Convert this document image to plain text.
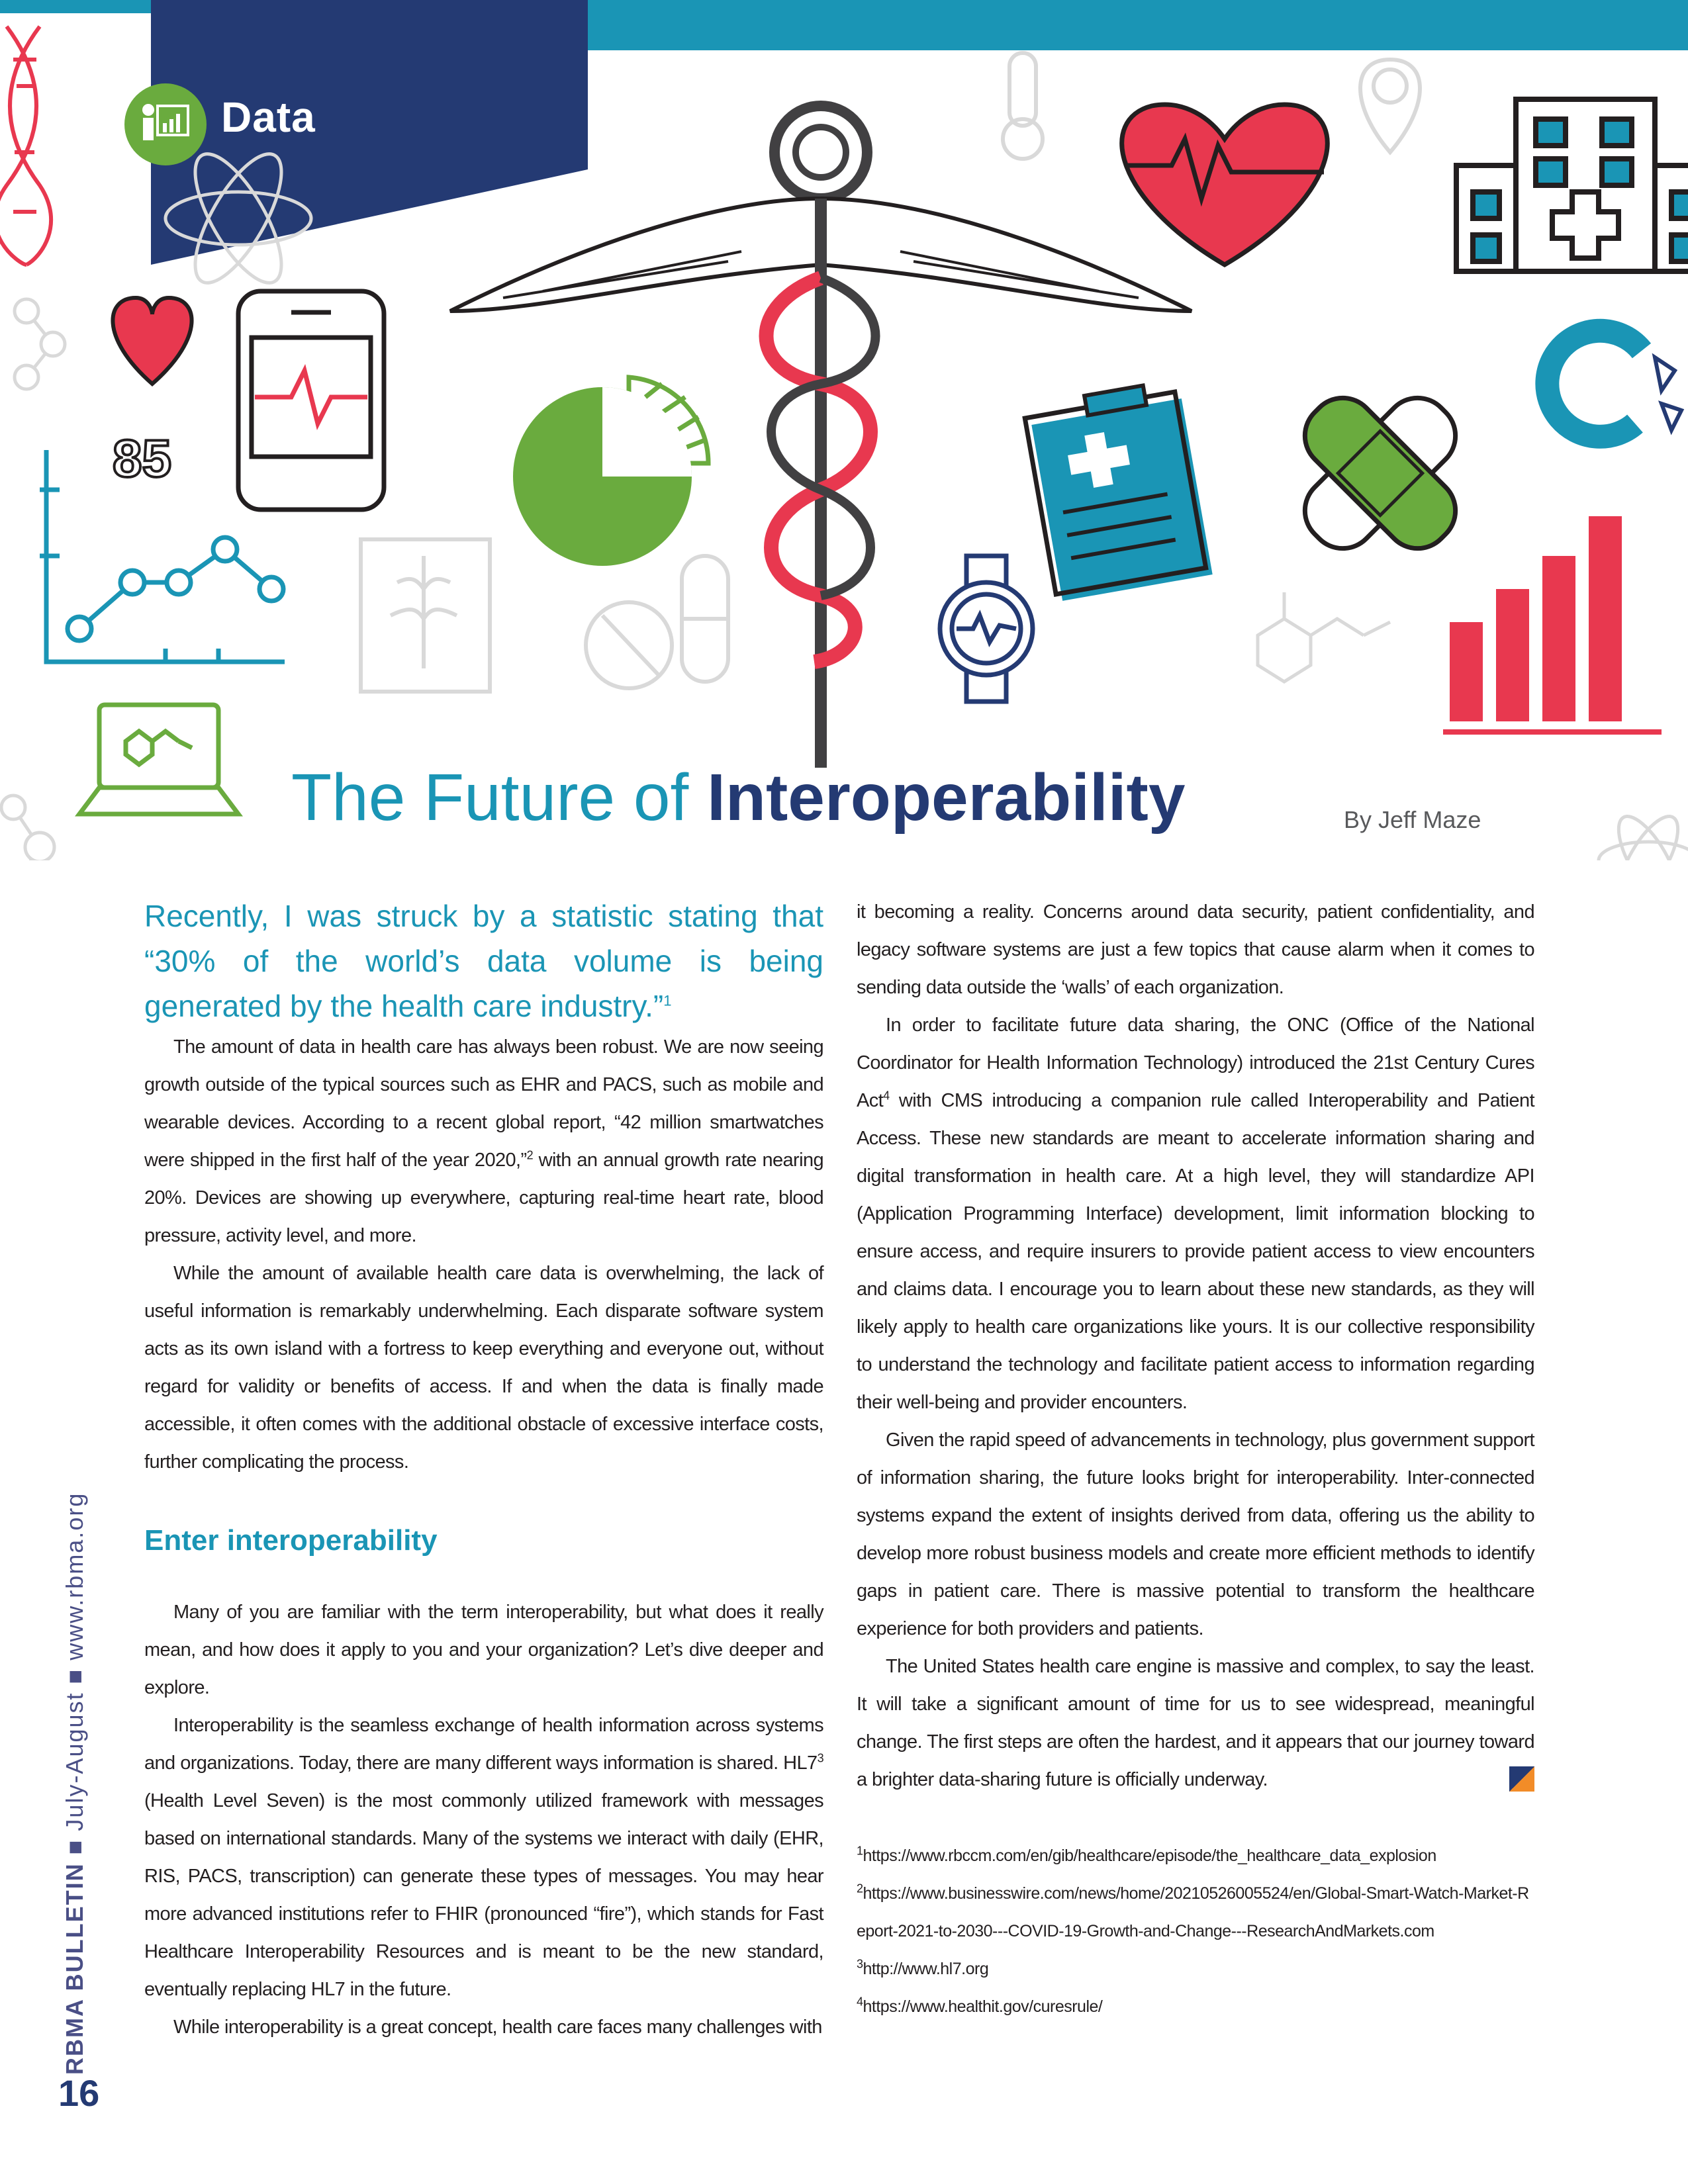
85
Data
The Future of Interoperability	By Jeff Maze

Recently, I was struck by a statistic stating that “30% of the world’s data volume is being generated by the health care industry.”$^1$

The amount of data in health care has always been robust. We are now seeing growth outside of the typical sources such as EHR and PACS, such as mobile and wearable devices. According to a recent global report, “42 million smartwatches were shipped in the first half of the year 2020,”$^2$ with an annual growth rate nearing 20%. Devices are showing up everywhere, capturing real-time heart rate, blood pressure, activity level, and more.

While the amount of available health care data is overwhelming, the lack of useful information is remarkably underwhelming. Each disparate software system acts as its own island with a fortress to keep everything and everyone out, without regard for validity or benefits of access. If and when the data is finally made accessible, it often comes with the additional obstacle of excessive interface costs, further complicating the process.

Enter interoperability

Many of you are familiar with the term interoperability, but what does it really mean, and how does it apply to you and your organization? Let’s dive deeper and explore.

Interoperability is the seamless exchange of health information across systems and organizations. Today, there are many different ways information is shared. $HL7^3$ (Health Level Seven) is the most commonly utilized framework with messages based on international standards. Many of the systems we interact with daily (EHR, RIS, PACS, transcription) can generate these types of messages. You may hear more advanced institutions refer to FHIR (pronounced “fire”), which stands for Fast Healthcare Interoperability Resources and is meant to be the new standard, eventually replacing HL7 in the future.

While interoperability is a great concept, health care faces many challenges with

it becoming a reality. Concerns around data security, patient confidentiality, and legacy software systems are just a few topics that cause alarm when it comes to sending data outside the ‘walls’ of each organization.

In order to facilitate future data sharing, the ONC (Office of the National Coordinator for Health Information Technology) introduced the 21st Century Cures Act$^4$ with CMS introducing a companion rule called Interoperability and Patient Access. These new standards are meant to accelerate information sharing and digital transformation in health care. At a high level, they will standardize API (Application Programming Interface) development, limit information blocking to ensure access, and require insurers to provide patient access to view encounters and claims data. I encourage you to learn about these new standards, as they will likely apply to health care organizations like yours. It is our collective responsibility to understand the technology and facilitate patient access to information regarding their well-being and provider encounters.

Given the rapid speed of advancements in technology, plus government support of information sharing, the future looks bright for interoperability. Inter-connected systems expand the extent of insights derived from data, offering us the ability to develop more robust business models and create more efficient methods to identify gaps in patient care. There is massive potential to transform the healthcare experience for both providers and patients.

The United States health care engine is massive and complex, to say the least. It will take a significant amount of time for us to see widespread, meaningful change. The first steps are often the hardest, and it appears that our journey toward a brighter data-sharing future is officially underway.

$^1$https://www.rbccm.com/en/gib/healthcare/episode/the_healthcare_data_explosion
$^2$https://www.businesswire.com/news/home/20210526005524/en/Global-Smart-Watch-Market-Report-2021-to-2030---COVID-19-Growth-and-Change---ResearchAndMarkets.com
$^3$http://www.hl7.org
$^4$https://www.healthit.gov/curesrule/
RBMA BULLETIN ■ July-August ■ www.rbma.org
16
